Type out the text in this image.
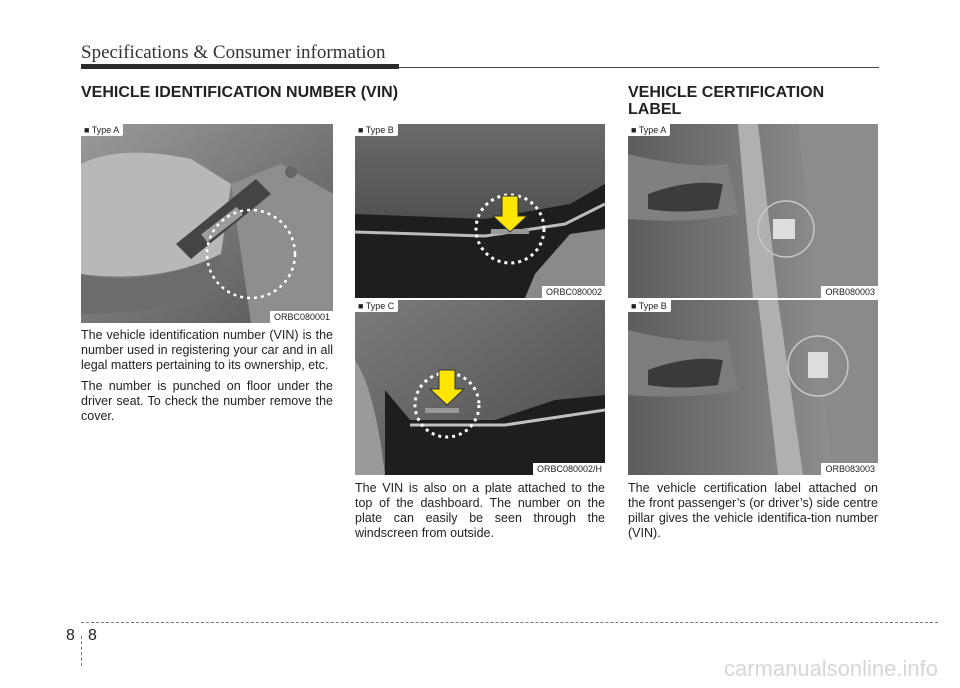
Specifications & Consumer information
VEHICLE IDENTIFICATION NUMBER (VIN)	VEHICLE CERTIFICATION LABEL
■ Type A
ORBC080001
■ Type B
ORBC080002
■ Type C
ORBC080002/H
■ Type A
ORB080003
■ Type B
ORB083003

The vehicle identification number (VIN) is the number used in registering your car and in all legal matters pertaining to its ownership, etc.

The number is punched on floor under the driver seat. To check the number remove the cover.

The VIN is also on a plate attached to the top of the dashboard. The number on the plate can easily be seen through the windscreen from outside.
The vehicle certification label attached on the front passenger’s (or driver’s) side centre pillar gives the vehicle identifica-tion number (VIN).
8 8
carmanualsonline.info
